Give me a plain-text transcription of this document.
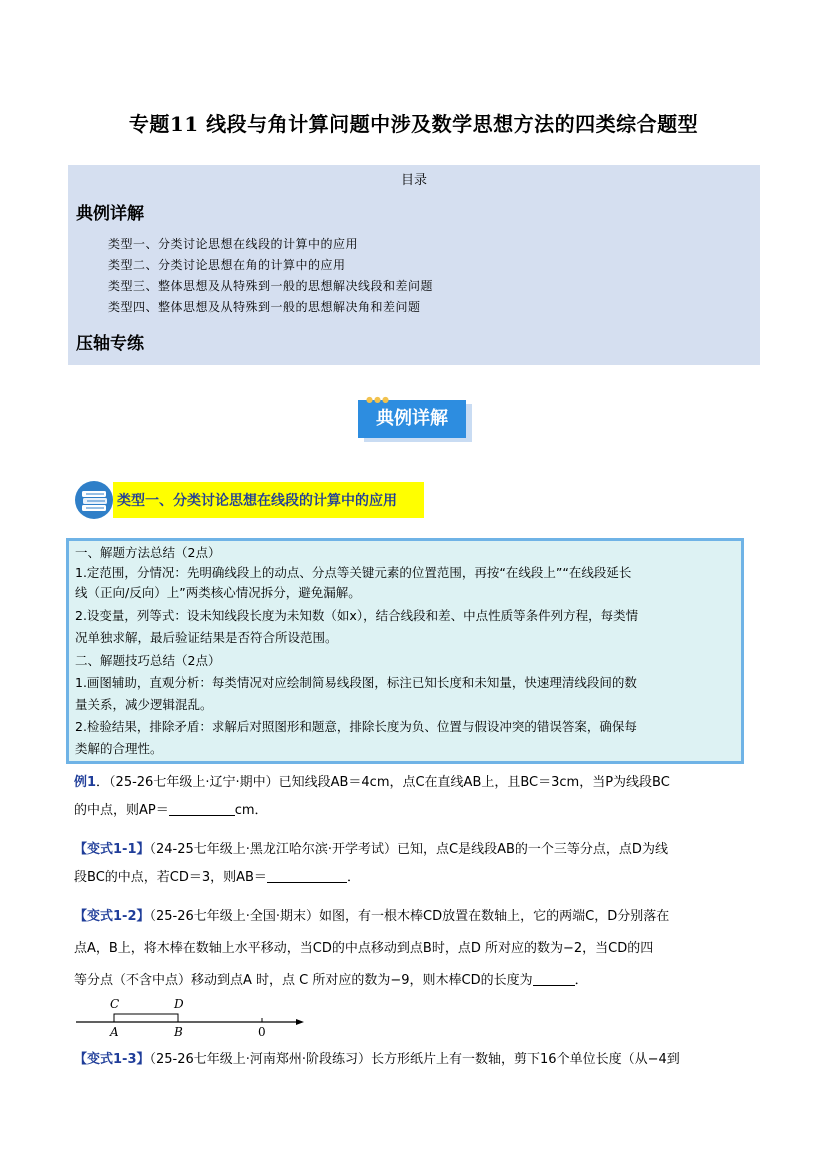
专题11 线段与角计算问题中涉及数学思想方法的四类综合题型
目录
典例详解
类型一、分类讨论思想在线段的计算中的应用
类型二、分类讨论思想在角的计算中的应用
类型三、整体思想及从特殊到一般的思想解决线段和差问题
类型四、整体思想及从特殊到一般的思想解决角和差问题
压轴专练
典例详解
●●●
类型一、分类讨论思想在线段的计算中的应用
一、解题方法总结（2点）
1.定范围，分情况：先明确线段上的动点、分点等关键元素的位置范围，再按“在线段上”“在线段延长
线（正向/反向）上”两类核心情况拆分，避免漏解。
2.设变量，列等式：设未知线段长度为未知数（如x），结合线段和差、中点性质等条件列方程，每类情
况单独求解，最后验证结果是否符合所设范围。
二、解题技巧总结（2点）
1.画图辅助，直观分析：每类情况对应绘制简易线段图，标注已知长度和未知量，快速理清线段间的数
量关系，减少逻辑混乱。
2.检验结果，排除矛盾：求解后对照图形和题意，排除长度为负、位置与假设冲突的错误答案，确保每
类解的合理性。
例1．（25-26七年级上·辽宁·期中）已知线段AB＝4cm，点C在直线AB上，且BC＝3cm，当P为线段BC
的中点，则AP＝	cm．
【变式1-1】（24-25七年级上·黑龙江哈尔滨·开学考试）已知，点C是线段AB的一个三等分点，点D为线
段BC的中点，若CD＝3，则AB＝	．
【变式1-2】（25-26七年级上·全国·期末）如图，有一根木棒CD放置在数轴上，它的两端C，D分别落在
点A，B上，将木棒在数轴上水平移动，当CD的中点移动到点B时，点D 所对应的数为−2，当CD的四
等分点（不含中点）移动到点A 时，点 C 所对应的数为−9，则木棒CD的长度为	．
C	D
A	B	0
【变式1-3】（25-26七年级上·河南郑州·阶段练习）长方形纸片上有一数轴，剪下16个单位长度（从−4到
